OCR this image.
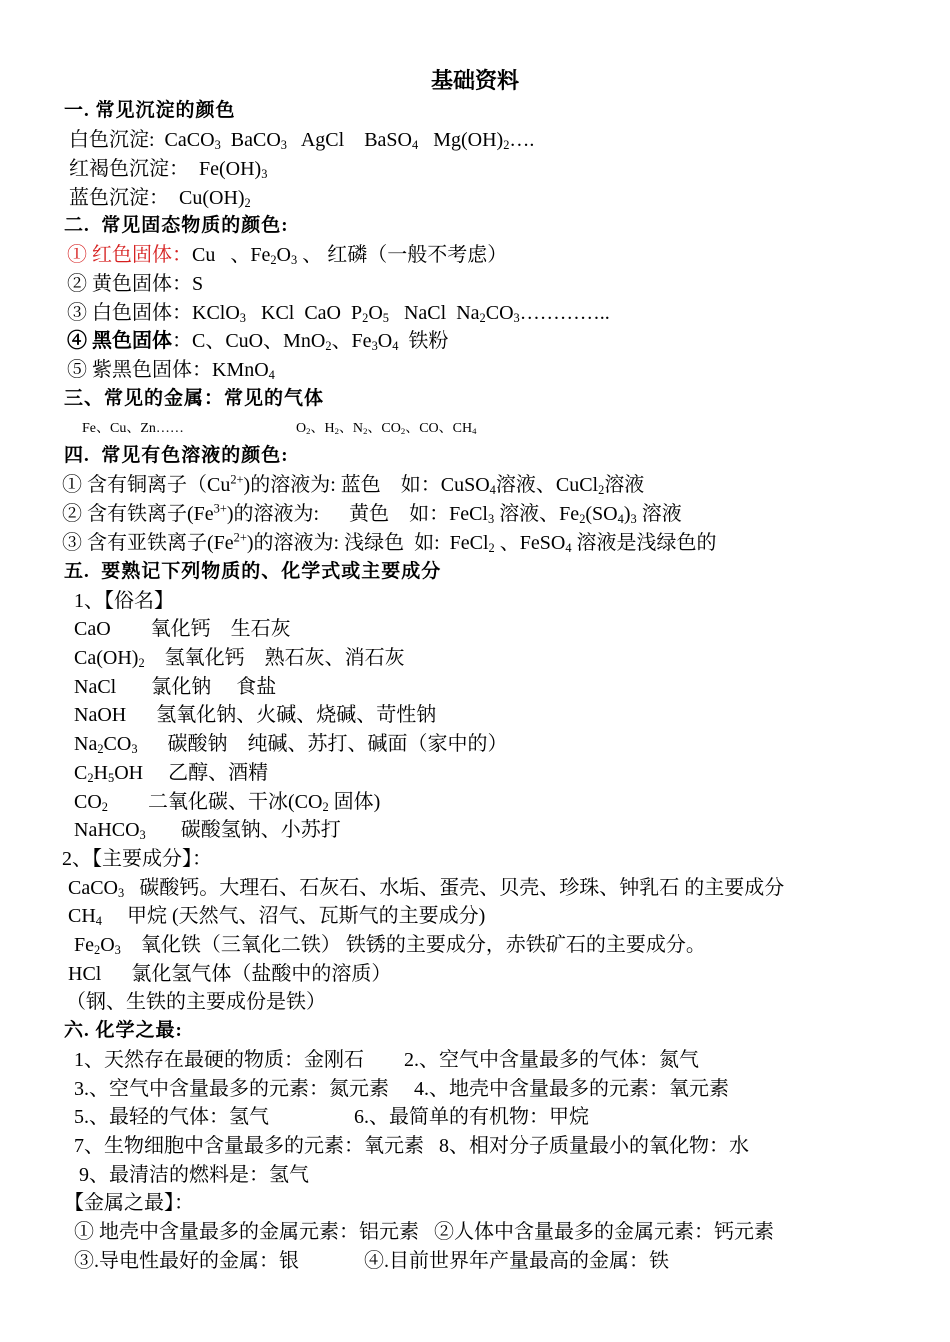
基础资料
一. 常见沉淀的颜色
白色沉淀:  CaCO$_3$  BaCO$_3$   AgCl    BaSO$_4$   $Mg(OH)_2\dots$.
红褐色沉淀：  $Fe(OH)_3$
蓝色沉淀：  $Cu(OH)_2$
二.  常见固态物质的颜色:
① 红色固体：Cu   、$Fe_2O_3$ 、 红磷（一般不考虑）
② 黄色固体：S
③ 白色固体：KClO$_3$   KCl  CaO  $P_2O_5$   NaCl  $Na_2CO_3\dots\dots\dots\dots$..
④ 黑色固体：C、CuO、MnO$_2$、$Fe_3O_4$  铁粉
⑤ 紫黑色固体：KMnO$_4$
三、常见的金属：常见的气体
Fe、Cu、Zn……	$O_2$、$H_2$、$N_2$、$CO_2$、CO、$CH_4$
四.  常见有色溶液的颜色:
① 含有铜离子$(Cu^{2+})$的溶液为: 蓝色    如：CuSO$_4$溶液、CuCl$_2$溶液
② 含有铁离子$(Fe^{3+})$的溶液为:      黄色    如：FeCl$_3$ 溶液、$Fe_2(SO_4)_3$ 溶液
③ 含有亚铁离子$(Fe^{2+})$的溶液为: 浅绿色  如:  FeCl$_2$ 、FeSO$_4$ 溶液是浅绿色的
五.  要熟记下列物质的、化学式或主要成分
1、【俗名】
CaO        氧化钙    生石灰
$Ca(OH)_2$    氢氧化钙    熟石灰、消石灰
NaCl       氯化钠     食盐
NaOH      氢氧化钠、火碱、烧碱、苛性钠
$Na_2CO_3$      碳酸钠    纯碱、苏打、碱面（家中的）
$C_2H_5OH$     乙醇、酒精
$CO_2$        二氧化碳、干冰($CO_2$ 固体)
NaHCO$_3$       碳酸氢钠、小苏打
2、【主要成分】：
CaCO$_3$   碳酸钙。大理石、石灰石、水垢、蛋壳、贝壳、珍珠、钟乳石 的主要成分
$CH_4$     甲烷 (天然气、沼气、瓦斯气的主要成分)
$Fe_2O_3$    氧化铁（三氧化二铁） 铁锈的主要成分，赤铁矿石的主要成分。
HCl      氯化氢气体（盐酸中的溶质）
（钢、生铁的主要成份是铁）
六. 化学之最:
1、天然存在最硬的物质：金刚石        2.、空气中含量最多的气体：氮气
3.、空气中含量最多的元素：氮元素     4.、地壳中含量最多的元素：氧元素
5.、最轻的气体：氢气                 6.、最简单的有机物：甲烷
7、生物细胞中含量最多的元素：氧元素   8、相对分子质量最小的氧化物：水
9、最清洁的燃料是：氢气
【金属之最】：
① 地壳中含量最多的金属元素：铝元素   ②人体中含量最多的金属元素：钙元素
③.导电性最好的金属：银             ④.目前世界年产量最高的金属：铁
